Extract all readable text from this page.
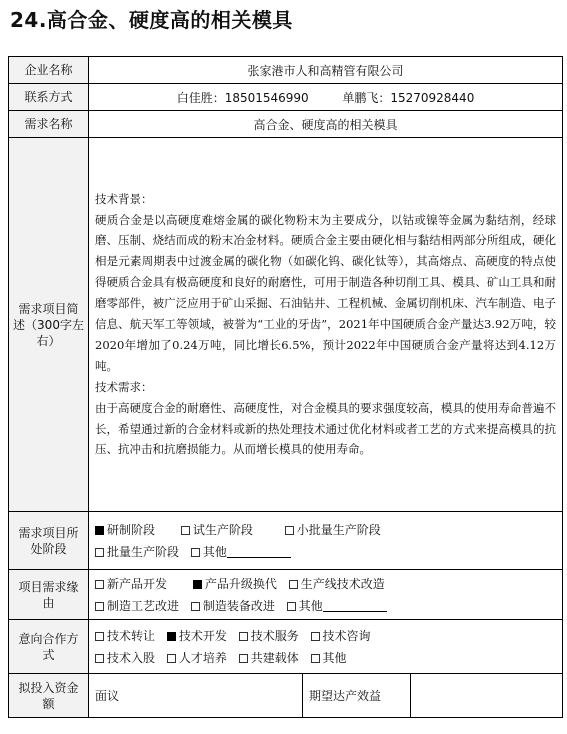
24.高合金、硬度高的相关模具
企业名称	张家港市人和高精管有限公司		
联系方式	白佳胜：18501546990 单鹏飞：15270928440		
需求名称	高合金、硬度高的相关模具		
需求项目简述（300字左右）	技术背景：

硬质合金是以高硬度难熔金属的碳化物粉末为主要成分，以钴或镍等金属为黏结剂，经球磨、压制、烧结而成的粉末冶金材料。硬质合金主要由硬化相与黏结相两部分所组成，硬化相是元素周期表中过渡金属的碳化物（如碳化钨、碳化钛等），其高熔点、高硬度的特点使得硬质合金具有极高硬度和良好的耐磨性，可用于制造各种切削工具、模具、矿山工具和耐磨零部件，被广泛应用于矿山采掘、石油钻井、工程机械、金属切削机床、汽车制造、电子信息、航天军工等领域，被誉为“工业的牙齿”，2021年中国硬质合金产量达3.92万吨，较2020年增加了0.24万吨，同比增长6.5%，预计2022年中国硬质合金产量将达到4.12万吨。

技术需求：

由于高硬度合金的耐磨性、高硬度性，对合金模具的要求强度较高，模具的使用寿命普遍不长，希望通过新的合金材料或新的热处理技术通过优化材料或者工艺的方式来提高模具的抗压、抗冲击和抗磨损能力。从而增长模具的使用寿命。		

需求项目所处阶段	研制阶段 试生产阶段 小批量生产阶段
批量生产阶段 其他		

项目需求缘由	新产品开发 产品升级换代 生产线技术改造
制造工艺改进 制造装备改进 其他		

意向合作方式	技术转让 技术开发 技术服务 技术咨询
技术入股 人才培养 共建载体 其他		

拟投入资金额	面议	期望达产效益	
